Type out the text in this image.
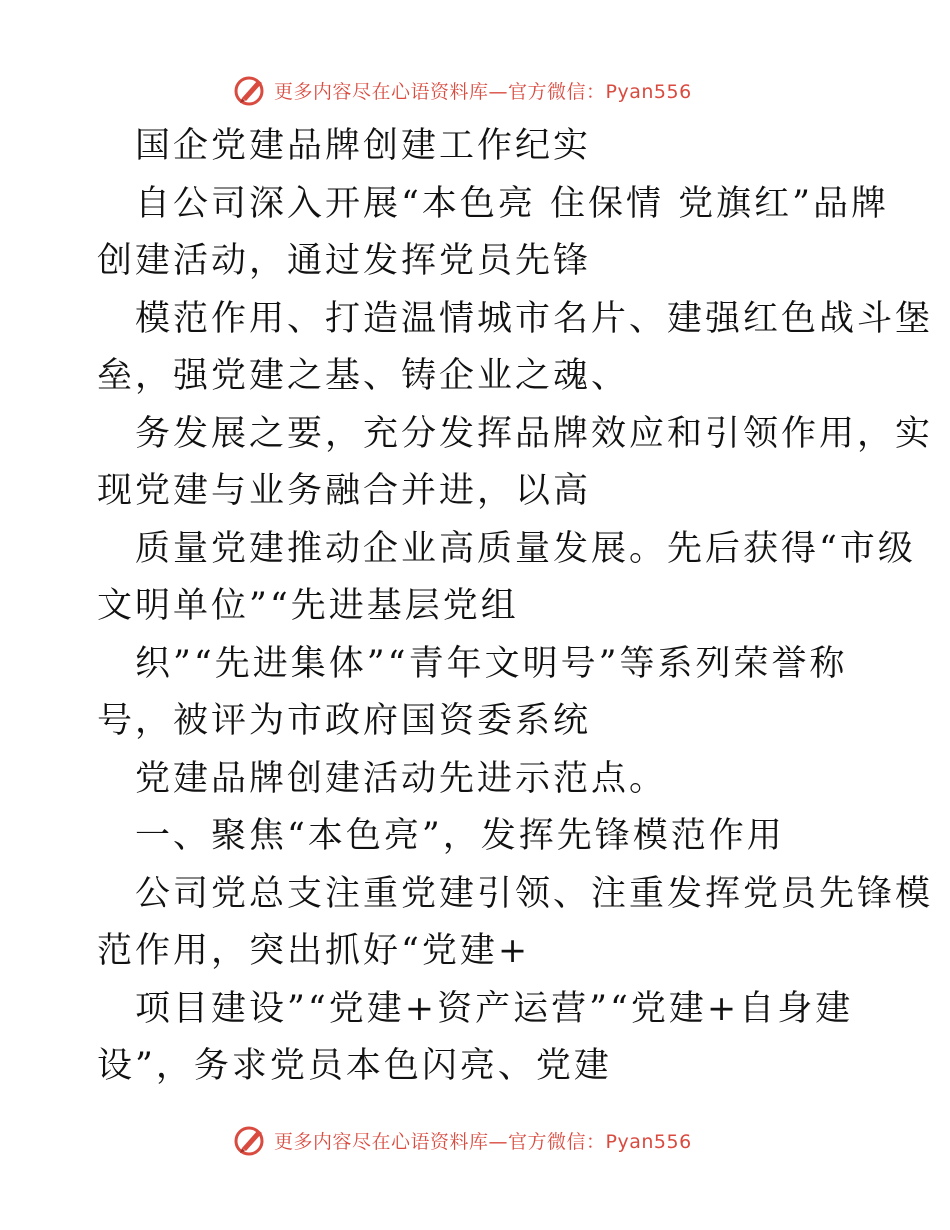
更多内容尽在心语资料库—官方微信：Pyan556
国企党建品牌创建工作纪实
自公司深入开展“本色亮 住保情 党旗红”品牌
创建活动，通过发挥党员先锋
模范作用、打造温情城市名片、建强红色战斗堡
垒，强党建之基、铸企业之魂、
务发展之要，充分发挥品牌效应和引领作用，实
现党建与业务融合并进，以高
质量党建推动企业高质量发展。先后获得“市级
文明单位”“先进基层党组
织”“先进集体”“青年文明号”等系列荣誉称
号，被评为市政府国资委系统
党建品牌创建活动先进示范点。
一、聚焦“本色亮”，发挥先锋模范作用
公司党总支注重党建引领、注重发挥党员先锋模
范作用，突出抓好“党建+
项目建设”“党建+资产运营”“党建+自身建
设”，务求党员本色闪亮、党建
更多内容尽在心语资料库—官方微信：Pyan556
